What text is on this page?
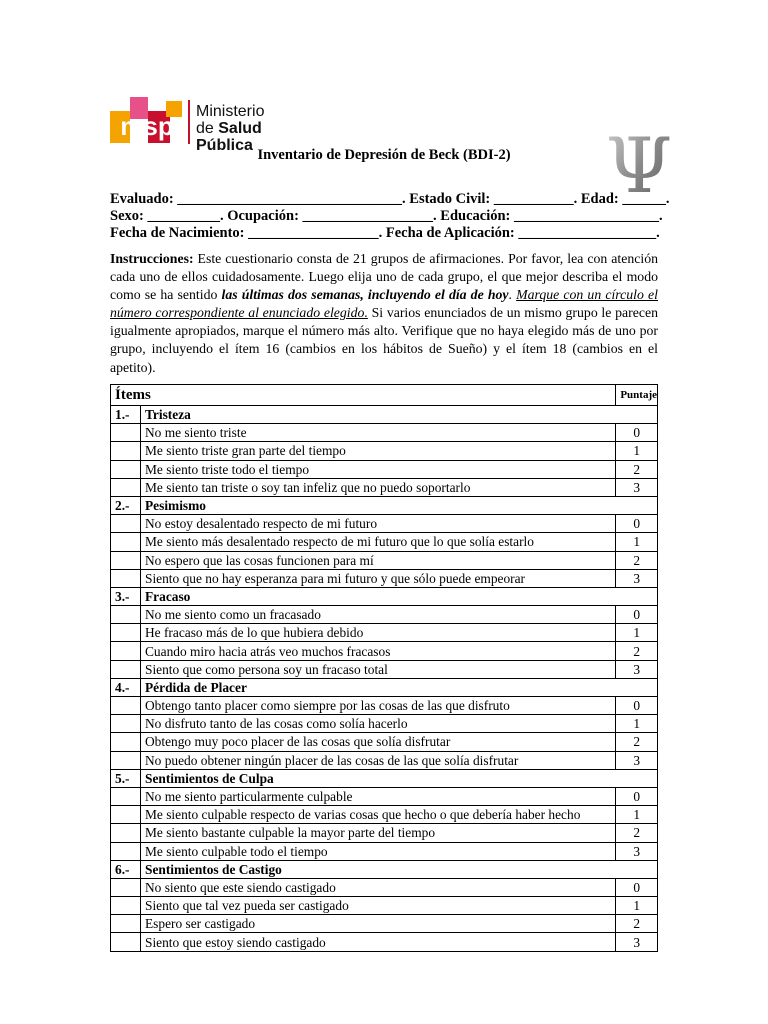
msp Ministerio
de Salud Pública	Ψ
Inventario de Depresión de Beck (BDI-2)
Evaluado: _______________________________. Estado Civil: ___________. Edad: ______.
Sexo: __________. Ocupación: __________________. Educación: ____________________.
Fecha de Nacimiento: __________________. Fecha de Aplicación: ___________________.
Instrucciones: Este cuestionario consta de 21 grupos de afirmaciones. Por favor, lea con atención cada uno de ellos cuidadosamente. Luego elija uno de cada grupo, el que mejor describa el modo como se ha sentido las últimas dos semanas, incluyendo el día de hoy. Marque con un círculo el número correspondiente al enunciado elegido. Si varios enunciados de un mismo grupo le parecen igualmente apropiados, marque el número más alto. Verifique que no haya elegido más de uno por grupo, incluyendo el ítem 16 (cambios en los hábitos de Sueño) y el ítem 18 (cambios en el apetito).
Ítems		Puntaje
1.-	Tristeza	
	No me siento triste	0
	Me siento triste gran parte del tiempo	1
	Me siento triste todo el tiempo	2
	Me siento tan triste o soy tan infeliz que no puedo soportarlo	3
2.-	Pesimismo	
	No estoy desalentado respecto de mi futuro	0
	Me siento más desalentado respecto de mi futuro que lo que solía estarlo	1
	No espero que las cosas funcionen para mí	2
	Siento que no hay esperanza para mi futuro y que sólo puede empeorar	3
3.-	Fracaso	
	No me siento como un fracasado	0
	He fracaso más de lo que hubiera debido	1
	Cuando miro hacia atrás veo muchos fracasos	2
	Siento que como persona soy un fracaso total	3
4.-	Pérdida de Placer	
	Obtengo tanto placer como siempre por las cosas de las que disfruto	0
	No disfruto tanto de las cosas como solía hacerlo	1
	Obtengo muy poco placer de las cosas que solía disfrutar	2
	No puedo obtener ningún placer de las cosas de las que solía disfrutar	3
5.-	Sentimientos de Culpa	
	No me siento particularmente culpable	0
	Me siento culpable respecto de varias cosas que hecho o que debería haber hecho	1
	Me siento bastante culpable la mayor parte del tiempo	2
	Me siento culpable todo el tiempo	3
6.-	Sentimientos de Castigo	
	No siento que este siendo castigado	0
	Siento que tal vez pueda ser castigado	1
	Espero ser castigado	2
	Siento que estoy siendo castigado	3
